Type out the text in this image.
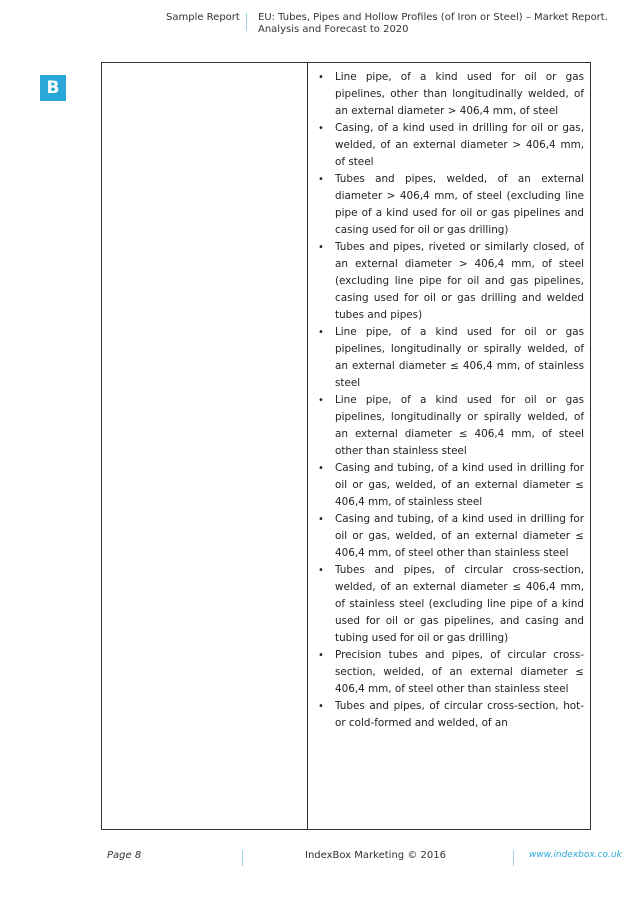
Sample Report EU: Tubes, Pipes and Hollow Profiles (of Iron or Steel) – Market Report.
Analysis and Forecast to 2020
B
•	Line pipe, of a kind used for oil or gas pipelines, other than longitudinally welded, of an external diameter > 406,4 mm, of steel
•	Casing, of a kind used in drilling for oil or gas, welded, of an external diameter > 406,4 mm, of steel
•	Tubes and pipes, welded, of an external diameter > 406,4 mm, of steel (excluding line pipe of a kind used for oil or gas pipelines and casing used for oil or gas drilling)
•	Tubes and pipes, riveted or similarly closed, of an external diameter > 406,4 mm, of steel (excluding line pipe for oil and gas pipelines, casing used for oil or gas drilling and welded tubes and pipes)
•	Line pipe, of a kind used for oil or gas pipelines, longitudinally or spirally welded, of an external diameter ≤ 406,4 mm, of stainless steel
•	Line pipe, of a kind used for oil or gas pipelines, longitudinally or spirally welded, of an external diameter ≤ 406,4 mm, of steel other than stainless steel
•	Casing and tubing, of a kind used in drilling for oil or gas, welded, of an external diameter ≤ 406,4 mm, of stainless steel
•	Casing and tubing, of a kind used in drilling for oil or gas, welded, of an external diameter ≤ 406,4 mm, of steel other than stainless steel
•	Tubes and pipes, of circular cross-section, welded, of an external diameter ≤ 406,4 mm, of stainless steel (excluding line pipe of a kind used for oil or gas pipelines, and casing and tubing used for oil or gas drilling)
•	Precision tubes and pipes, of circular cross-section, welded, of an external diameter ≤ 406,4 mm, of steel other than stainless steel
•	Tubes and pipes, of circular cross-section, hot- or cold-formed and welded, of an
Page 8	IndexBox Marketing © 2016	www.indexbox.co.uk
